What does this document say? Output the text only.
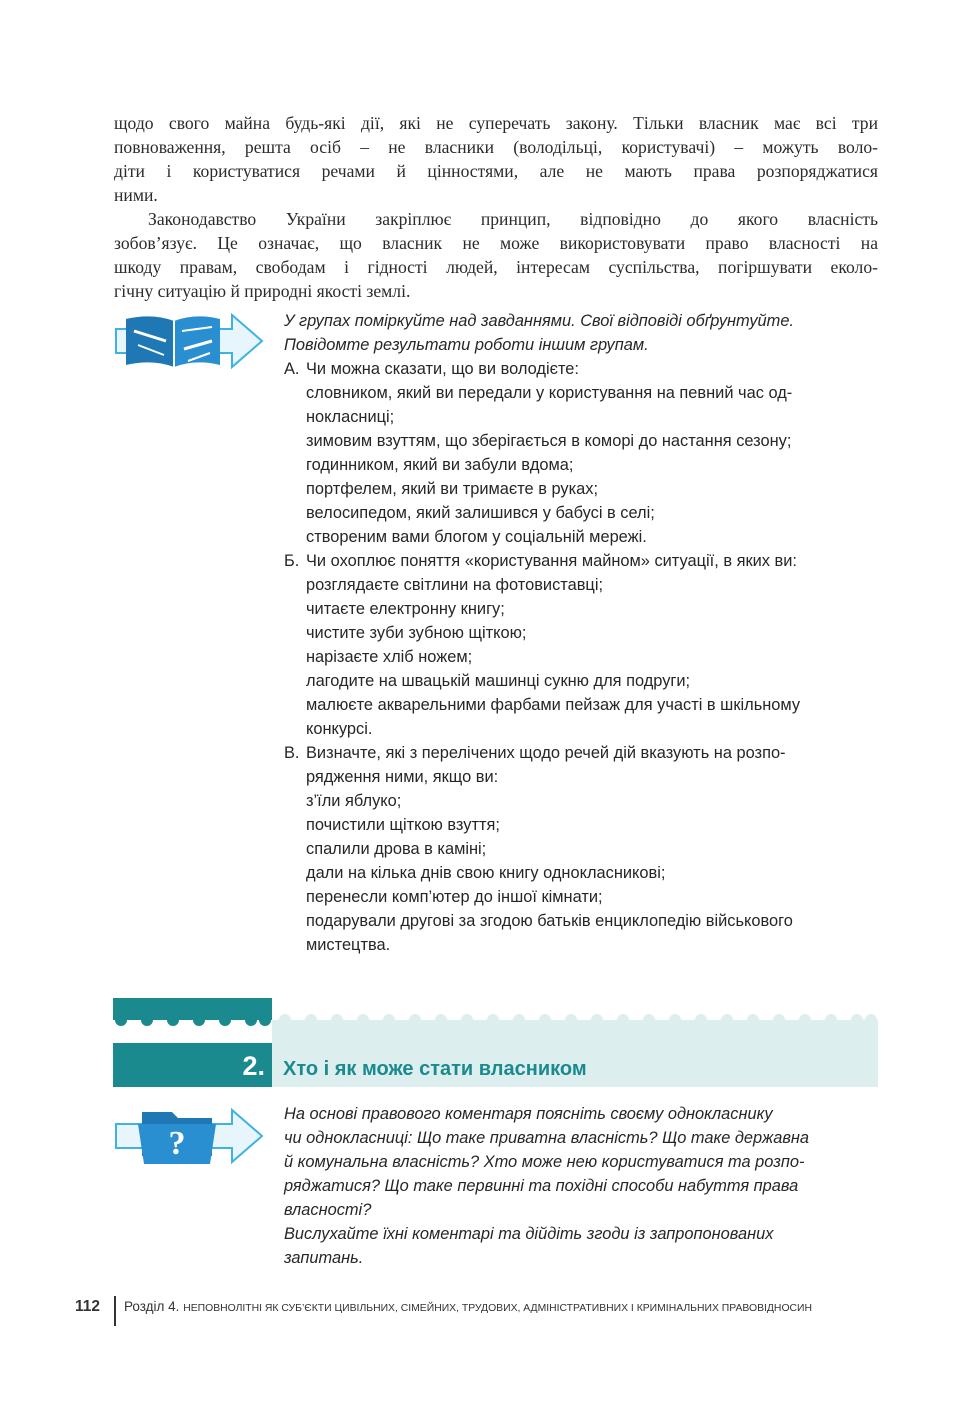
щодо свого майна будь-які дії, які не суперечать закону. Тільки власник має всі три
повноваження, решта осіб – не власники (володільці, користувачі) – можуть воло-
діти і користуватися речами й цінностями, але не мають права розпоряджатися
ними.
Законодавство України закріплює принцип, відповідно до якого власність
зобов’язує. Це означає, що власник не може використовувати право власності на
шкоду правам, свободам і гідності людей, інтересам суспільства, погіршувати еколо-
гічну ситуацію й природні якості землі.
У групах поміркуйте над завданнями. Свої відповіді обґрунтуйте.
Повідомте результати роботи іншим групам.
А. Чи можна сказати, що ви володієте:
словником, який ви передали у користування на певний час од-
нокласниці;
зимовим взуттям, що зберігається в коморі до настання сезону;
годинником, який ви забули вдома;
портфелем, який ви тримаєте в руках;
велосипедом, який залишився у бабусі в селі;
створеним вами блогом у соціальній мережі.
Б. Чи охоплює поняття «користування майном» ситуації, в яких ви:
розглядаєте світлини на фотовиставці;
читаєте електронну книгу;
чистите зуби зубною щіткою;
нарізаєте хліб ножем;
лагодите на швацькій машинці сукню для подруги;
малюєте акварельними фарбами пейзаж для участі в шкільному
конкурсі.
В. Визначте, які з перелічених щодо речей дій вказують на розпо-
рядження ними, якщо ви:
з’їли яблуко;
почистили щіткою взуття;
спалили дрова в каміні;
дали на кілька днів свою книгу однокласникові;
перенесли комп’ютер до іншої кімнати;
подарували другові за згодою батьків енциклопедію військового
мистецтва.
2. Хто і як може стати власником
?
На основі правового коментаря поясніть своєму однокласнику
чи однокласниці: Що таке приватна власність? Що таке державна
й комунальна власність? Хто може нею користуватися та розпо-
ряджатися? Що таке первинні та похідні способи набуття права
власності?
Вислухайте їхні коментарі та дійдіть згоди із запропонованих
запитань.
112 Розділ 4. НЕПОВНОЛІТНІ ЯК СУБ’ЄКТИ ЦИВІЛЬНИХ, СІМЕЙНИХ, ТРУДОВИХ, АДМІНІСТРАТИВНИХ І КРИМІНАЛЬНИХ ПРАВОВІДНОСИН
